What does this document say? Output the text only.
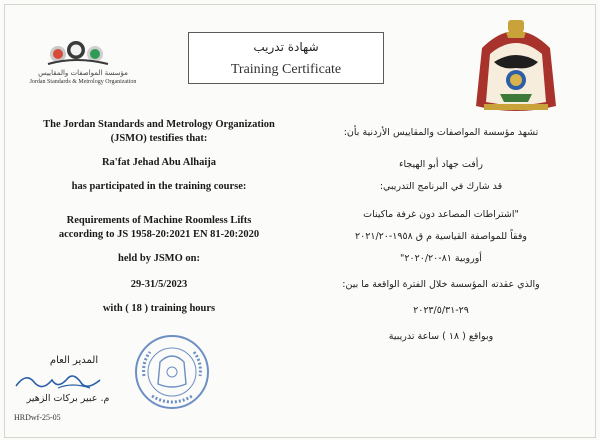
مؤسسة المواصفات والمقاييس
Jordan Standards & Metrology Organization
شهادة تدريب
Training Certificate
The Jordan Standards and Metrology Organization
(JSMO) testifies that:
Ra'fat Jehad Abu Alhaija
has participated in the training course:
Requirements of Machine Roomless Lifts
according to JS 1958-20:2021 EN 81-20:2020
held by JSMO on:
29-31/5/2023
with ( 18 ) training hours
تشهد مؤسسة المواصفات والمقاييس الأردنية بأن:
رأفت جهاد أبو الهيجاء
قد شارك في البرنامج التدريبي:
"اشتراطات المصاعد دون غرفة ماكينات
وفقاً للمواصفة القياسية م ق ١٩٥٨-٢٠٢١/٢٠
أوروبية ٨١-٢٠٢٠/٢٠"
والذي عقدته المؤسسة خلال الفترة الواقعة ما بين:
٢٩-٢٠٢٣/٥/٣١
وبواقع ( ١٨ ) ساعة تدريبية
المدير العام
م. عبير بركات الزهير
HRDwf-25-05
